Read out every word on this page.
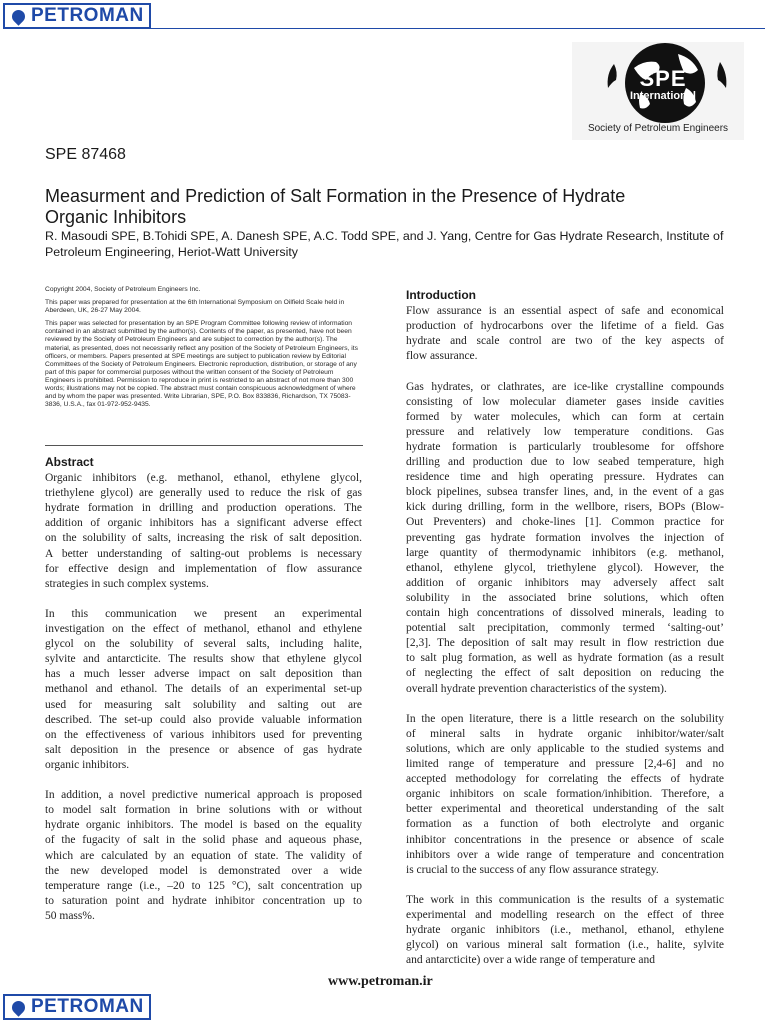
PETROMAN
SPE
International
Society of Petroleum Engineers
SPE 87468
Measurment and Prediction of Salt Formation in the Presence of Hydrate Organic Inhibitors
R. Masoudi SPE, B.Tohidi SPE, A. Danesh SPE, A.C. Todd SPE, and J. Yang, Centre for Gas Hydrate Research, Institute of Petroleum Engineering, Heriot-Watt University

Copyright 2004, Society of Petroleum Engineers Inc.

This paper was prepared for presentation at the 6th International Symposium on Oilfield Scale held in Aberdeen, UK, 26-27 May 2004.

This paper was selected for presentation by an SPE Program Committee following review of information contained in an abstract submitted by the author(s). Contents of the paper, as presented, have not been reviewed by the Society of Petroleum Engineers and are subject to correction by the author(s). The material, as presented, does not necessarily reflect any position of the Society of Petroleum Engineers, its officers, or members. Papers presented at SPE meetings are subject to publication review by Editorial Committees of the Society of Petroleum Engineers. Electronic reproduction, distribution, or storage of any part of this paper for commercial purposes without the written consent of the Society of Petroleum Engineers is prohibited. Permission to reproduce in print is restricted to an abstract of not more than 300 words; illustrations may not be copied. The abstract must contain conspicuous acknowledgment of where and by whom the paper was presented. Write Librarian, SPE, P.O. Box 833836, Richardson, TX 75083-3836, U.S.A., fax 01-972-952-9435.

Abstract
Organic inhibitors (e.g. methanol, ethanol, ethylene glycol,
triethylene glycol) are generally used to reduce the risk of gas
hydrate formation in drilling and production operations. The
addition of organic inhibitors has a significant adverse effect
on the solubility of salts, increasing the risk of salt deposition.
A better understanding of salting-out problems is necessary
for effective design and implementation of flow assurance
strategies in such complex systems.
In this communication we present an experimental
investigation on the effect of methanol, ethanol and ethylene
glycol on the solubility of several salts, including halite,
sylvite and antarcticite. The results show that ethylene glycol
has a much lesser adverse impact on salt deposition than
methanol and ethanol. The details of an experimental set-up
used for measuring salt solubility and salting out are
described. The set-up could also provide valuable information
on the effectiveness of various inhibitors used for preventing
salt deposition in the presence or absence of gas hydrate
organic inhibitors.
In addition, a novel predictive numerical approach is proposed
to model salt formation in brine solutions with or without
hydrate organic inhibitors. The model is based on the equality
of the fugacity of salt in the solid phase and aqueous phase,
which are calculated by an equation of state. The validity of
the new developed model is demonstrated over a wide
temperature range (i.e., –20 to 125 °C), salt concentration up
to saturation point and hydrate inhibitor concentration up to
50 mass%.
Introduction
Flow assurance is an essential aspect of safe and economical
production of hydrocarbons over the lifetime of a field. Gas
hydrate and scale control are two of the key aspects of
flow assurance.
Gas hydrates, or clathrates, are ice-like crystalline compounds
consisting of low molecular diameter gases inside cavities
formed by water molecules, which can form at certain
pressure and relatively low temperature conditions. Gas
hydrate formation is particularly troublesome for offshore
drilling and production due to low seabed temperature, high
residence time and high operating pressure. Hydrates can
block pipelines, subsea transfer lines, and, in the event of a gas
kick during drilling, form in the wellbore, risers, BOPs (Blow-
Out Preventers) and choke-lines [1]. Common practice for
preventing gas hydrate formation involves the injection of
large quantity of thermodynamic inhibitors (e.g. methanol,
ethanol, ethylene glycol, triethylene glycol). However, the
addition of organic inhibitors may adversely affect salt
solubility in the associated brine solutions, which often
contain high concentrations of dissolved minerals, leading to
potential salt precipitation, commonly termed ‘salting-out’
[2,3]. The deposition of salt may result in flow restriction due
to salt plug formation, as well as hydrate formation (as a result
of neglecting the effect of salt deposition on reducing the
overall hydrate prevention characteristics of the system).
In the open literature, there is a little research on the solubility
of mineral salts in hydrate organic inhibitor/water/salt
solutions, which are only applicable to the studied systems and
limited range of temperature and pressure [2,4-6] and no
accepted methodology for correlating the effects of hydrate
organic inhibitors on scale formation/inhibition. Therefore, a
better experimental and theoretical understanding of the salt
formation as a function of both electrolyte and organic
inhibitor concentrations in the presence or absence of scale
inhibitors over a wide range of temperature and concentration
is crucial to the success of any flow assurance strategy.
The work in this communication is the results of a systematic
experimental and modelling research on the effect of three
hydrate organic inhibitors (i.e., methanol, ethanol, ethylene
glycol) on various mineral salt formation (i.e., halite, sylvite
and antarcticite) over a wide range of temperature and
www.petroman.ir
PETROMAN
